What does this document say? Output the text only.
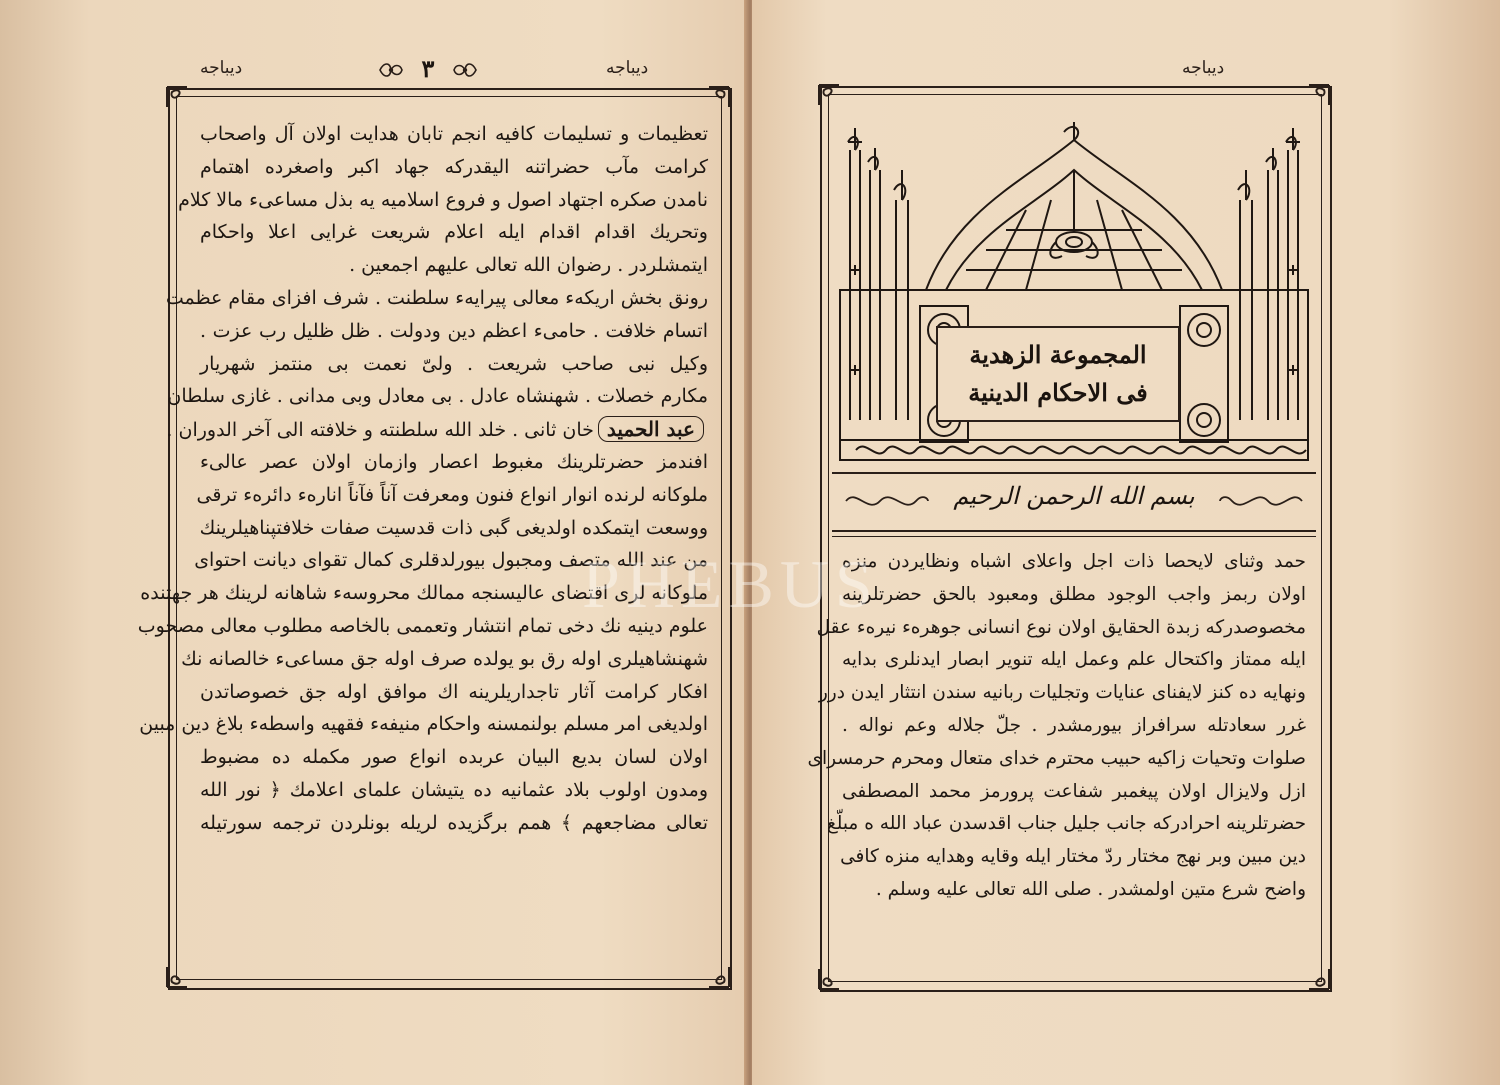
دیباجه	٣	دیباجه
تعظیمات و تسلیمات کافیه انجم تابان هدایت اولان آل واصحاب
کرامت مآب حضراتنه الیقدرکه جهاد اکبر واصغرده اهتمام
نامدن صکره اجتهاد اصول و فروع اسلامیه یه بذل مساعیء مالا کلام
وتحریك اقدام اقدام ایله اعلام شریعت غرایی اعلا واحکام
ایتمشلردر . رضوان الله تعالی علیهم اجمعین .
رونق بخش اریکهء معالی پیرایهء سلطنت . شرف افزای مقام عظمت
اتسام خلافت . حامیء اعظم دین ودولت . ظل ظلیل رب عزت .
وکیل نبی صاحب شریعت . ولیّ نعمت بی منتمز شهریار
مکارم خصلات . شهنشاه عادل . بی معادل وبی مدانی . غازی سلطان
عبد الحمیدخان ثانی . خلد الله سلطنته و خلافته الی آخر الدوران .
افندمز حضرتلرینك مغبوط اعصار وازمان اولان عصر عالیء
ملوکانه لرنده انوار انواع فنون ومعرفت آناً فآناً انارهء دائرهء ترقی
ووسعت ایتمکده اولدیغی گبی ذات قدسیت صفات خلافتپناهیلرینك
من عند الله متصف ومجبول بیورلدقلری کمال تقوای دیانت احتوای
ملوکانه لری اقتضای عالیسنجه ممالك محروسهء شاهانه لرینك هر جهتنده
علوم دینیه نك دخی تمام انتشار وتعممی بالخاصه مطلوب معالی مصحوب
شهنشاهیلری اوله رق بو یولده صرف اوله جق مساعیء خالصانه نك
افکار کرامت آثار تاجداریلرینه اك موافق اوله جق خصوصاتدن
اولدیغی امر مسلم بولنمسنه واحکام منیفهء فقهیه واسطهء بلاغ دین مبین
اولان لسان بدیع البیان عربده انواع صور مکمله ده مضبوط
ومدون اولوب بلاد عثمانیه ده یتیشان علمای اعلامك ﴿ نور الله
تعالی مضاجعهم ﴾ همم برگزیده لریله بونلردن ترجمه سورتیله
دیباجه
المجموعة الزهدیة
فی الاحکام الدینیة
بسم الله الرحمن الرحیم
حمد وثنای لایحصا ذات اجل واعلای اشباه ونظایردن منزه
اولان ربمز واجب الوجود مطلق ومعبود بالحق حضرتلرینه
مخصوصدرکه زبدة الحقایق اولان نوع انسانی جوهرهء نیرهء عقل
ایله ممتاز واکتحال علم وعمل ایله تنویر ابصار ایدنلری بدایه
ونهایه ده کنز لایفنای عنایات وتجلیات ربانیه سندن انتثار ایدن درر
غرر سعادتله سرافراز بیورمشدر . جلّ جلاله وعم نواله .
صلوات وتحیات زاکیه حبیب محترم خدای متعال ومحرم حرمسرای
ازل ولایزال اولان پیغمبر شفاعت پرورمز محمد المصطفی
حضرتلرینه احرادرکه جانب جلیل جناب اقدسدن عباد الله ه مبلّغ
دین مبین وبر نهج مختار ردّ مختار ایله وقایه وهدایه منزه کافی
واضح شرع متین اولمشدر . صلی الله تعالی علیه وسلم .
PHEBUS
